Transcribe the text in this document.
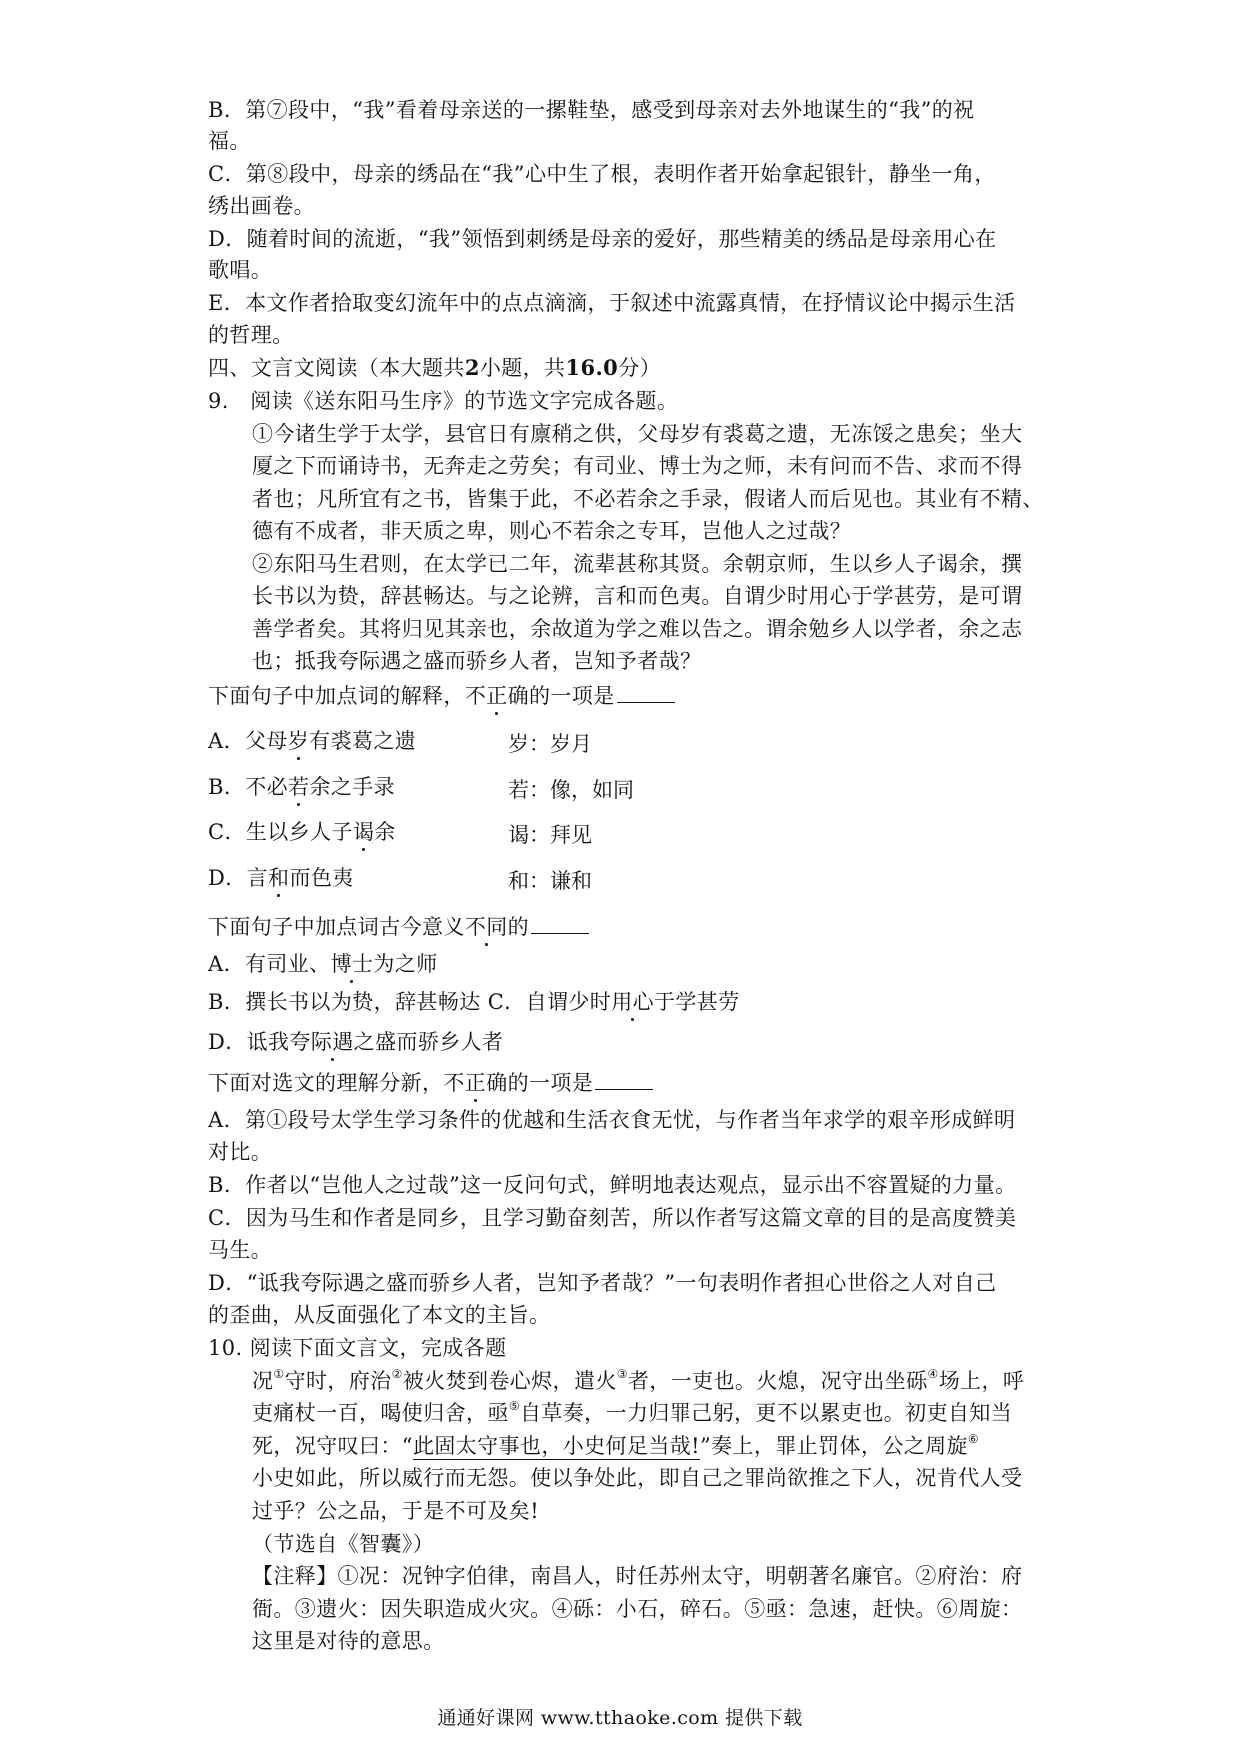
B．第⑦段中，“我”看着母亲送的一摞鞋垫，感受到母亲对去外地谋生的“我”的祝
福。
C．第⑧段中，母亲的绣品在“我”心中生了根，表明作者开始拿起银针，静坐一角，
绣出画卷。
D．随着时间的流逝，“我”领悟到刺绣是母亲的爱好，那些精美的绣品是母亲用心在
歌唱。
E．本文作者拾取变幻流年中的点点滴滴，于叙述中流露真情，在抒情议论中揭示生活
的哲理。
四、文言文阅读（本大题共2小题，共16.0分）
9.　阅读《送东阳马生序》的节选文字完成各题。
①今诸生学于太学，县官日有廪稍之供，父母岁有裘葛之遗，无冻馁之患矣；坐大
厦之下而诵诗书，无奔走之劳矣；有司业、博士为之师，未有问而不告、求而不得
者也；凡所宜有之书，皆集于此，不必若余之手录，假诸人而后见也。其业有不精、
德有不成者，非天质之卑，则心不若余之专耳，岂他人之过哉？
②东阳马生君则，在太学已二年，流辈甚称其贤。余朝京师，生以乡人子谒余，撰
长书以为贽，辞甚畅达。与之论辨，言和而色夷。自谓少时用心于学甚劳，是可谓
善学者矣。其将归见其亲也，余故道为学之难以告之。谓余勉乡人以学者，余之志
也；抵我夸际遇之盛而骄乡人者，岂知予者哉？
下面句子中加点词的解释，不正确的一项是
A．父母岁有裘葛之遗	岁：岁月
B．不必若余之手录	若：像，如同
C．生以乡人子谒余	谒：拜见
D．言和而色夷	和：谦和
下面句子中加点词古今意义不同的
A．有司业、博士为之师
B．撰长书以为贽，辞甚畅达 C．自谓少时用心于学甚劳
D．诋我夸际遇之盛而骄乡人者
下面对选文的理解分新，不正确的一项是
A．第①段号太学生学习条件的优越和生活衣食无忧，与作者当年求学的艰辛形成鲜明
对比。
B．作者以“岂他人之过哉”这一反问句式，鲜明地表达观点，显示出不容置疑的力量。
C．因为马生和作者是同乡，且学习勤奋刻苦，所以作者写这篇文章的目的是高度赞美
马生。
D．“诋我夸际遇之盛而骄乡人者，岂知予者哉？”一句表明作者担心世俗之人对自己
的歪曲，从反面强化了本文的主旨。
10. 阅读下面文言文，完成各题
况①守时，府治②被火焚到卷心烬，遣火③者，一吏也。火熄，况守出坐砾④场上，呼
吏痛杖一百，喝使归舍，亟⑤自草奏，一力归罪己躬，更不以累吏也。初吏自知当
死，况守叹曰：“此固太守事也，小史何足当哉!”奏上，罪止罚体，公之周旋⑥
小史如此，所以威行而无怨。使以争处此，即自己之罪尚欲推之下人，况肯代人受
过乎？公之品，于是不可及矣!
（节选自《智囊》）
【注释】①况：况钟字伯律，南昌人，时任苏州太守，明朝著名廉官。②府治：府
衙。③遗火：因失职造成火灾。④砾：小石，碎石。⑤亟：急速，赶快。⑥周旋：
这里是对待的意思。
通通好课网 www.tthaoke.com 提供下载
